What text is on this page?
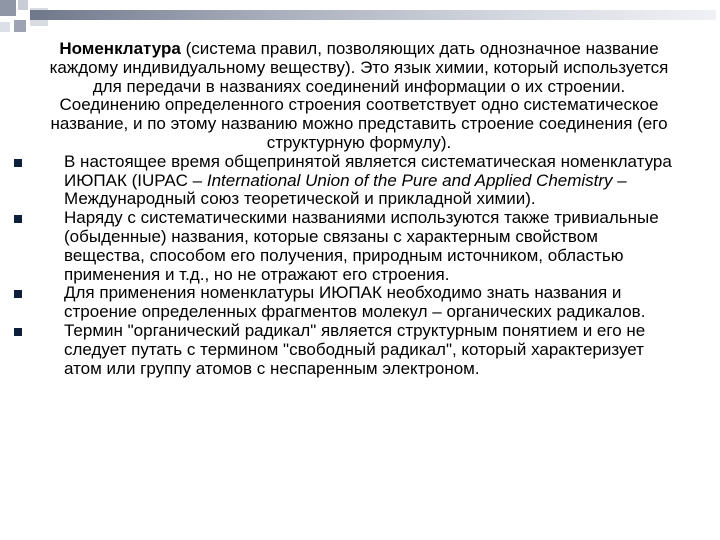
Номенклатура (система правил, позволяющих дать однозначное название каждому индивидуальному веществу). Это язык химии, который используется для передачи в названиях соединений информации о их строении. Соединению определенного строения соответствует одно систематическое название, и по этому названию можно представить строение соединения (его структурную формулу).

В настоящее время общепринятой является систематическая номенклатура ИЮПАК (IUPAC – International Union of the Pure and Applied Chemistry – Международный союз теоретической и прикладной химии).
Наряду с систематическими названиями используются также тривиальные (обыденные) названия, которые связаны с характерным свойством вещества, способом его получения, природным источником, областью применения и т.д., но не отражают его строения.
Для применения номенклатуры ИЮПАК необходимо знать названия и строение определенных фрагментов молекул – органических радикалов.
Термин "органический радикал" является структурным понятием и его не следует путать с термином "свободный радикал", который характеризует атом или группу атомов с неспаренным электроном.
